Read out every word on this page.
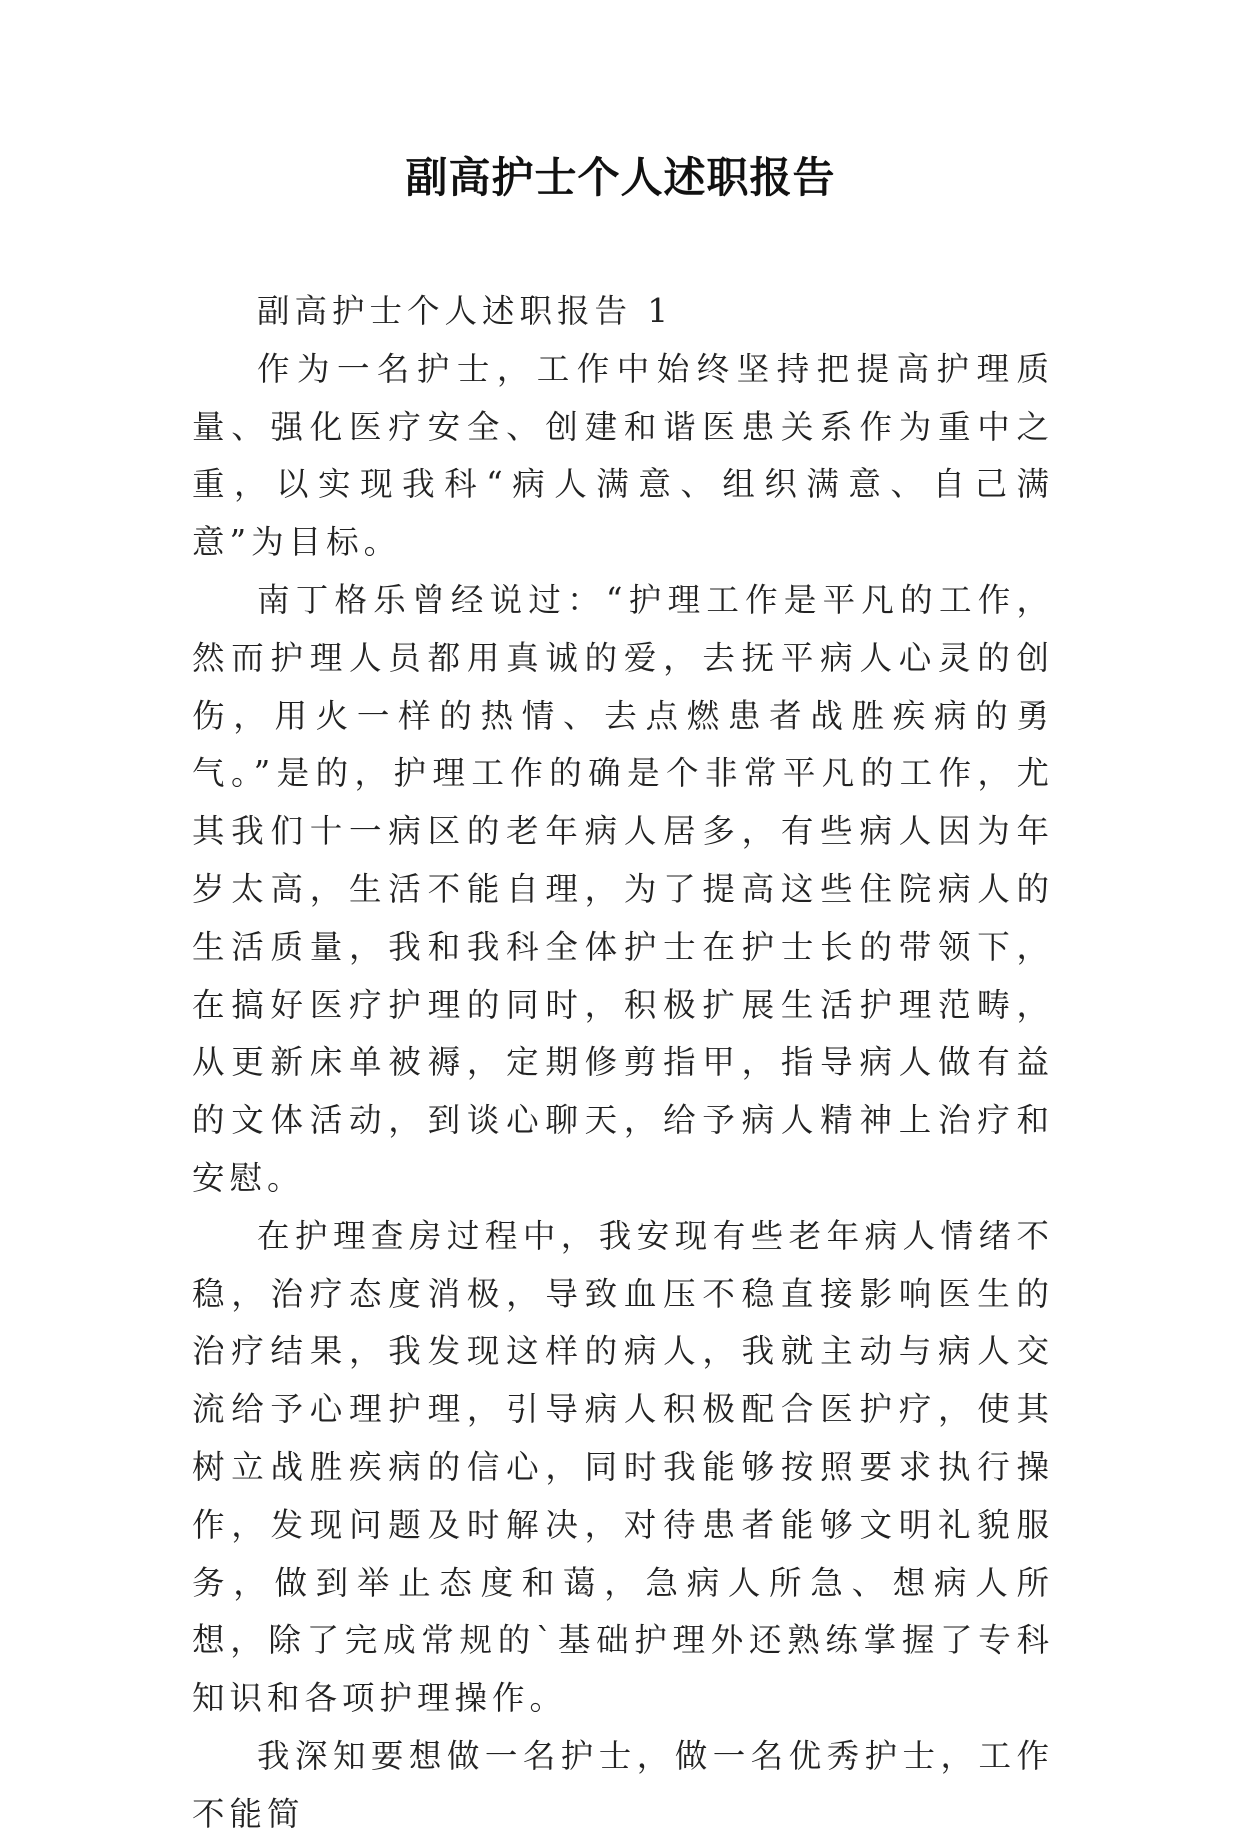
副高护士个人述职报告

副高护士个人述职报告 1

作为一名护士，工作中始终坚持把提高护理质量、强化医疗安全、创建和谐医患关系作为重中之重，以实现我科“病人满意、组织满意、自己满意”为目标。

南丁格乐曾经说过：“护理工作是平凡的工作，然而护理人员都用真诚的爱，去抚平病人心灵的创伤，用火一样的热情、去点燃患者战胜疾病的勇气。”是的，护理工作的确是个非常平凡的工作，尤其我们十一病区的老年病人居多，有些病人因为年岁太高，生活不能自理，为了提高这些住院病人的生活质量，我和我科全体护士在护士长的带领下，在搞好医疗护理的同时，积极扩展生活护理范畴，从更新床单被褥，定期修剪指甲，指导病人做有益的文体活动，到谈心聊天，给予病人精神上治疗和安慰。

在护理查房过程中，我安现有些老年病人情绪不稳，治疗态度消极，导致血压不稳直接影响医生的治疗结果，我发现这样的病人，我就主动与病人交流给予心理护理，引导病人积极配合医护疗，使其树立战胜疾病的信心，同时我能够按照要求执行操作，发现问题及时解决，对待患者能够文明礼貌服务，做到举止态度和蔼，急病人所急、想病人所想，除了完成常规的`基础护理外还熟练掌握了专科知识和各项护理操作。

我深知要想做一名护士，做一名优秀护士，工作不能简
